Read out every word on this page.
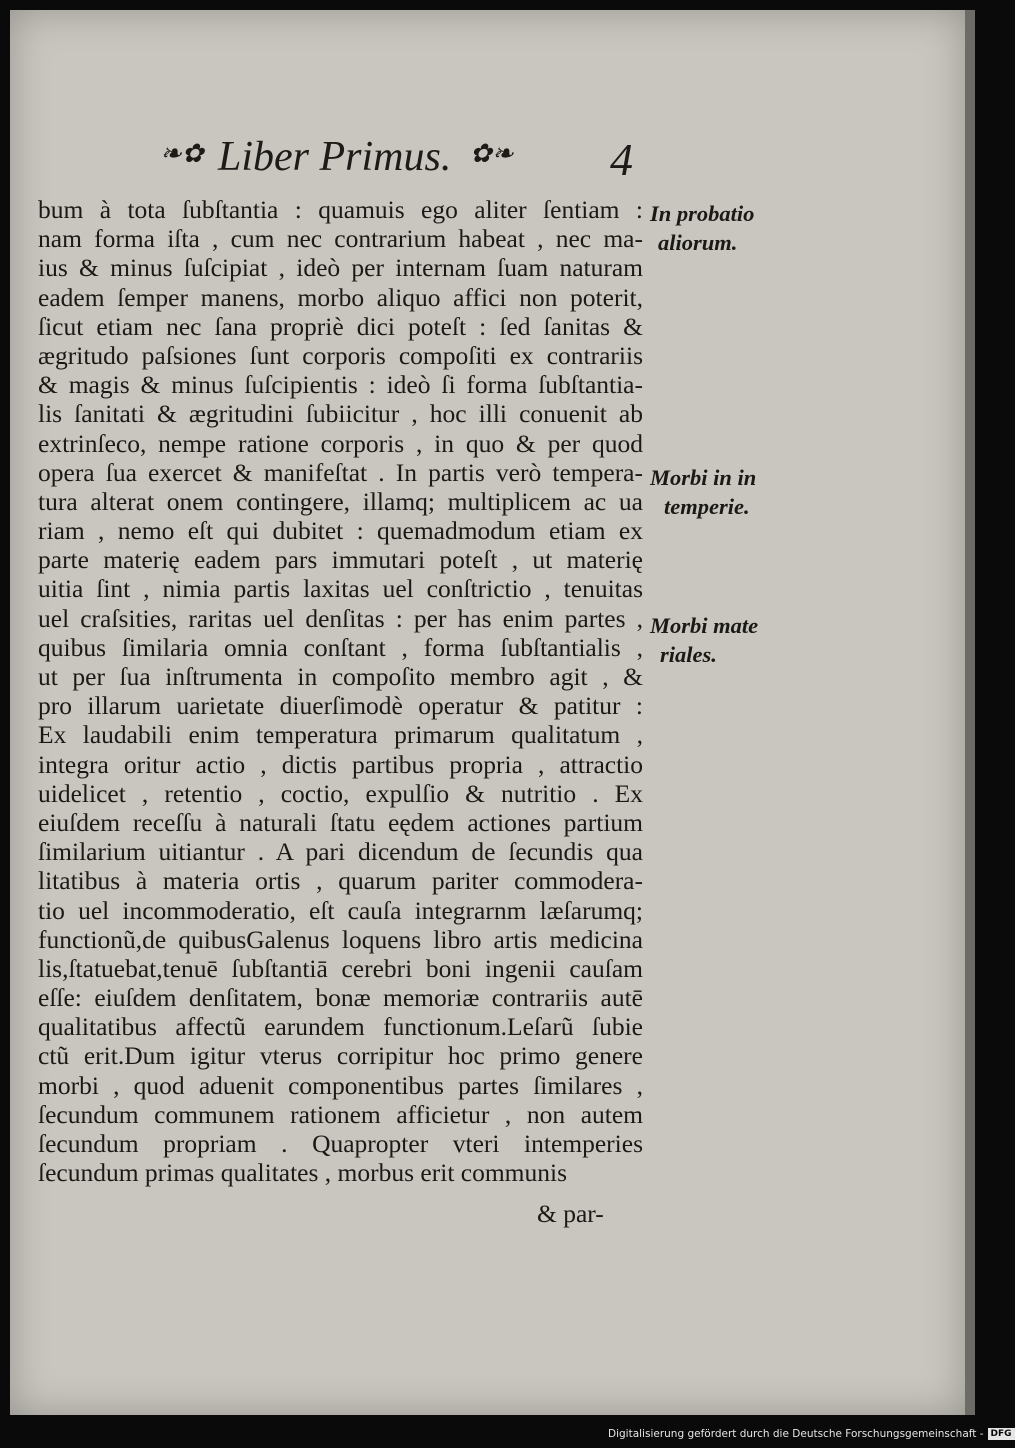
❧✿ Liber Primus. ✿❧ 4
bum à tota ſubſtantia : quamuis ego aliter ſentiam :
nam forma iſta , cum nec contrarium habeat , nec ma-
ius & minus ſuſcipiat , ideò per internam ſuam naturam
eadem ſemper manens, morbo aliquo affici non poterit,
ſicut etiam nec ſana propriè dici poteſt : ſed ſanitas &
ægritudo paſsiones ſunt corporis compoſiti ex contrariis
& magis & minus ſuſcipientis : ideò ſi forma ſubſtantia-
lis ſanitati & ægritudini ſubiicitur , hoc illi conuenit ab
extrinſeco, nempe ratione corporis , in quo & per quod
opera ſua exercet & manifeſtat . In partis verò tempera-
tura alterat onem contingere, illamq; multiplicem ac ua
riam , nemo eſt qui dubitet : quemadmodum etiam ex
parte materię eadem pars immutari poteſt , ut materię
uitia ſint , nimia partis laxitas uel conſtrictio , tenuitas
uel craſsities, raritas uel denſitas : per has enim partes ,
quibus ſimilaria omnia conſtant , forma ſubſtantialis ,
ut per ſua inſtrumenta in compoſito membro agit , &
pro illarum uarietate diuerſimodè operatur & patitur :
Ex laudabili enim temperatura primarum qualitatum ,
integra oritur actio , dictis partibus propria , attractio
uidelicet , retentio , coctio, expulſio & nutritio . Ex
eiuſdem receſſu à naturali ſtatu eędem actiones partium
ſimilarium uitiantur . A pari dicendum de ſecundis qua
litatibus à materia ortis , quarum pariter commodera-
tio uel incommoderatio, eſt cauſa integrarnm læſarumq;
functionũ,de quibusGalenus loquens libro artis medicina
lis,ſtatuebat,tenuē ſubſtantiā cerebri boni ingenii cauſam
eſſe: eiuſdem denſitatem, bonæ memoriæ contrariis autē
qualitatibus affectũ earundem functionum.Leſarũ ſubie
ctũ erit.Dum igitur vterus corripitur hoc primo genere
morbi , quod aduenit componentibus partes ſimilares ,
ſecundum communem rationem afficietur , non autem
ſecundum propriam . Quapropter vteri intemperies
ſecundum primas qualitates , morbus erit communis
& par-
In probatio
aliorum.
Morbi in in
temperie.
Morbi mate
riales.
Digitalisierung gefördert durch die Deutsche Forschungsgemeinschaft - DFG
